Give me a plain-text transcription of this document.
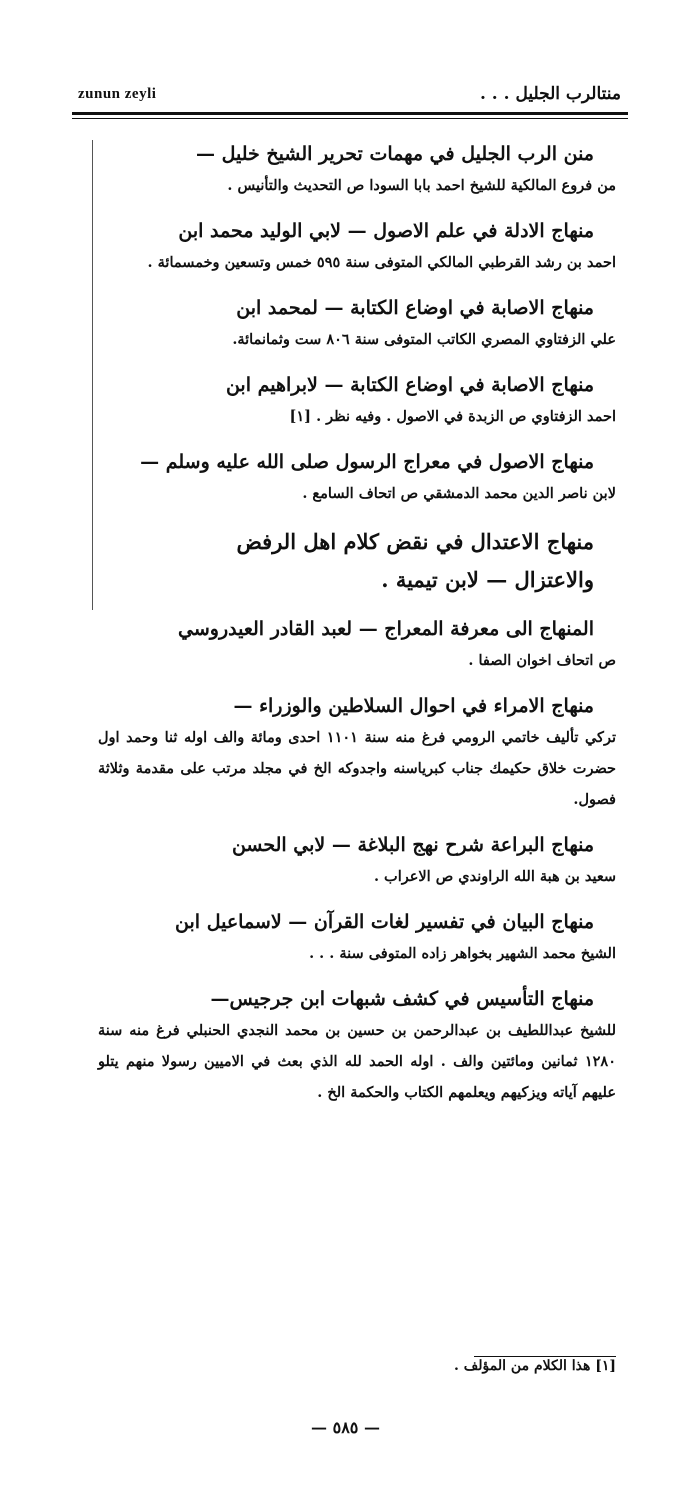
zunun zeyli	منتالرب الجليل . . .

منن الرب الجليل في مهمات تحرير الشيخ خليل —

من فروع المالكية للشيخ احمد بابا السودا ص التحديث والتأنيس .

منهاج الادلة في علم الاصول — لابي الوليد محمد ابن

احمد بن رشد القرطبي المالكي المتوفى سنة ٥٩٥ خمس وتسعين وخمسمائة .

منهاج الاصابة في اوضاع الكتابة — لمحمد ابن

علي الزفتاوي المصري الكاتب المتوفى سنة ٨٠٦ ست وثمانمائة.

منهاج الاصابة في اوضاع الكتابة — لابراهيم ابن

احمد الزفتاوي ص الزبدة في الاصول . وفيه نظر . [١]

منهاج الاصول في معراج الرسول صلى الله عليه وسلم —

لابن ناصر الدين محمد الدمشقي ص اتحاف السامع .

منهاج الاعتدال في نقض كلام اهل الرفض

والاعتزال — لابن تيمية .

المنهاج الى معرفة المعراج — لعبد القادر العيدروسي

ص اتحاف اخوان الصفا .

منهاج الامراء في احوال السلاطين والوزراء —

تركي تأليف خاتمي الرومي فرغ منه سنة ١١٠١ احدى ومائة والف اوله ثنا وحمد اول حضرت خلاق حكيمك جناب كبرياسنه واجدوكه الخ في مجلد مرتب على مقدمة وثلاثة فصول.

منهاج البراعة شرح نهج البلاغة — لابي الحسن

سعيد بن هبة الله الراوندي ص الاعراب .

منهاج البيان في تفسير لغات القرآن — لاسماعيل ابن

الشيخ محمد الشهير بخواهر زاده المتوفى سنة . . .

منهاج التأسيس في كشف شبهات ابن جرجيس—

للشيخ عبداللطيف بن عبدالرحمن بن حسين بن محمد النجدي الحنبلي فرغ منه سنة ١٢٨٠ ثمانين ومائتين والف . اوله الحمد لله الذي بعث في الاميين رسولا منهم يتلو عليهم آياته ويزكيهم ويعلمهم الكتاب والحكمة الخ .

[١] هذا الكلام من المؤلف .
— ٥٨٥ —
